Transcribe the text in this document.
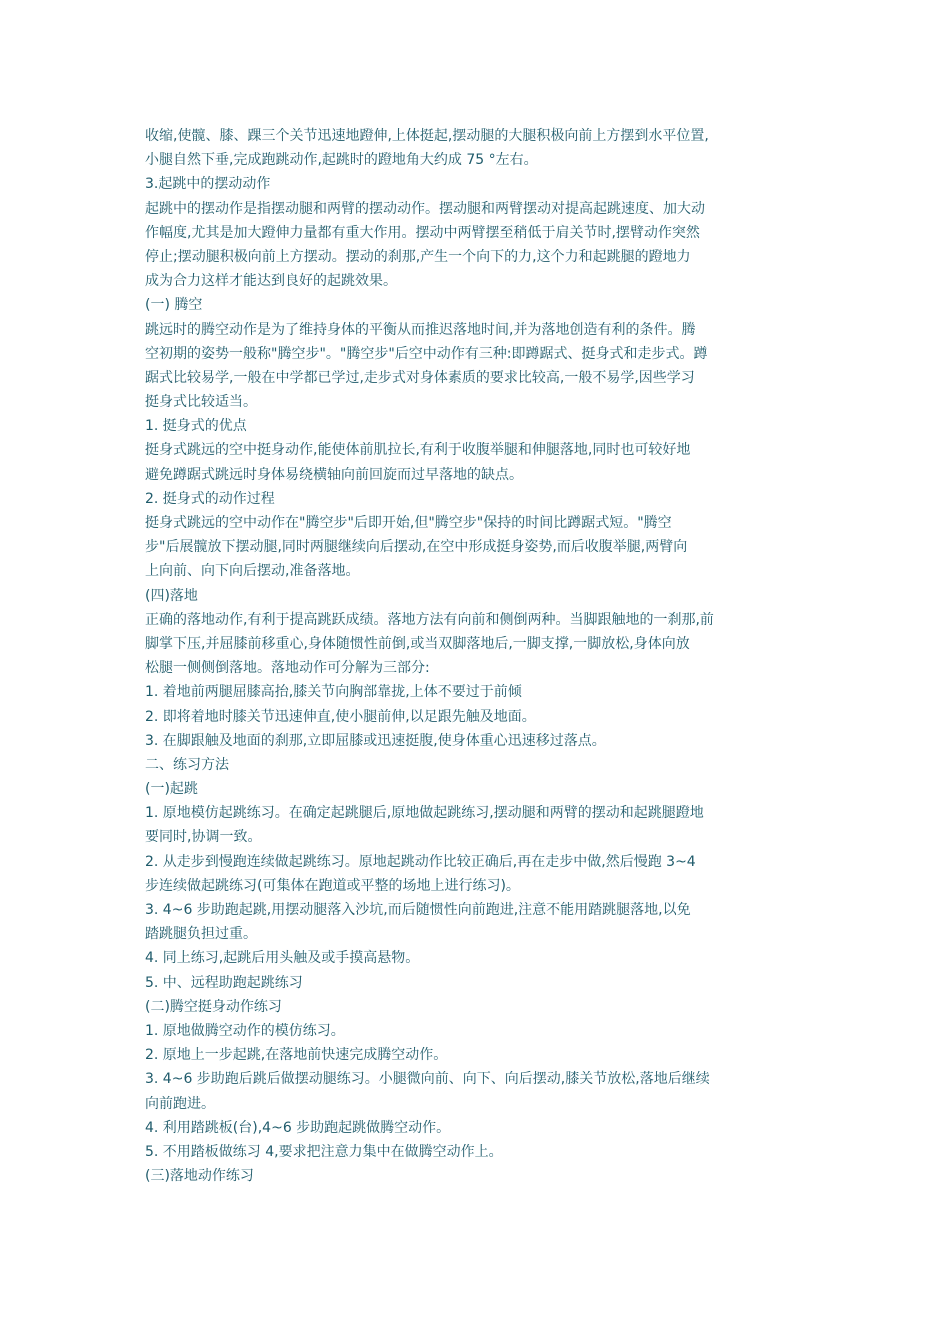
收缩,使髋、膝、踝三个关节迅速地蹬伸,上体挺起,摆动腿的大腿积极向前上方摆到水平位置,
小腿自然下垂,完成跑跳动作,起跳时的蹬地角大约成 75 °左右。
3.起跳中的摆动动作
起跳中的摆动作是指摆动腿和两臂的摆动动作。摆动腿和两臂摆动对提高起跳速度、加大动
作幅度,尤其是加大蹬伸力量都有重大作用。摆动中两臂摆至稍低于肩关节时,摆臂动作突然
停止;摆动腿积极向前上方摆动。摆动的刹那,产生一个向下的力,这个力和起跳腿的蹬地力
成为合力这样才能达到良好的起跳效果。
(一) 腾空
跳远时的腾空动作是为了维持身体的平衡从而推迟落地时间,并为落地创造有利的条件。腾
空初期的姿势一般称"腾空步"。"腾空步"后空中动作有三种:即蹲踞式、挺身式和走步式。蹲
踞式比较易学,一般在中学都已学过,走步式对身体素质的要求比较高,一般不易学,因些学习
挺身式比较适当。
1. 挺身式的优点
挺身式跳远的空中挺身动作,能使体前肌拉长,有利于收腹举腿和伸腿落地,同时也可较好地
避免蹲踞式跳远时身体易绕横轴向前回旋而过早落地的缺点。
2. 挺身式的动作过程
挺身式跳远的空中动作在"腾空步"后即开始,但"腾空步"保持的时间比蹲踞式短。"腾空
步"后展髋放下摆动腿,同时两腿继续向后摆动,在空中形成挺身姿势,而后收腹举腿,两臂向
上向前、向下向后摆动,准备落地。
(四)落地
正确的落地动作,有利于提高跳跃成绩。落地方法有向前和侧倒两种。当脚跟触地的一刹那,前
脚掌下压,并屈膝前移重心,身体随惯性前倒,或当双脚落地后,一脚支撑,一脚放松,身体向放
松腿一侧侧倒落地。落地动作可分解为三部分:
1. 着地前两腿屈膝高抬,膝关节向胸部靠拢,上体不要过于前倾
2. 即将着地时膝关节迅速伸直,使小腿前伸,以足跟先触及地面。
3. 在脚跟触及地面的刹那,立即屈膝或迅速挺腹,使身体重心迅速移过落点。
二、练习方法
(一)起跳
1. 原地模仿起跳练习。在确定起跳腿后,原地做起跳练习,摆动腿和两臂的摆动和起跳腿蹬地
要同时,协调一致。
2. 从走步到慢跑连续做起跳练习。原地起跳动作比较正确后,再在走步中做,然后慢跑 3~4
步连续做起跳练习(可集体在跑道或平整的场地上进行练习)。
3. 4~6 步助跑起跳,用摆动腿落入沙坑,而后随惯性向前跑进,注意不能用踏跳腿落地,以免
踏跳腿负担过重。
4. 同上练习,起跳后用头触及或手摸高悬物。
5. 中、远程助跑起跳练习
(二)腾空挺身动作练习
1. 原地做腾空动作的模仿练习。
2. 原地上一步起跳,在落地前快速完成腾空动作。
3. 4~6 步助跑后跳后做摆动腿练习。小腿微向前、向下、向后摆动,膝关节放松,落地后继续
向前跑进。
4. 利用踏跳板(台),4~6 步助跑起跳做腾空动作。
5. 不用踏板做练习 4,要求把注意力集中在做腾空动作上。
(三)落地动作练习
